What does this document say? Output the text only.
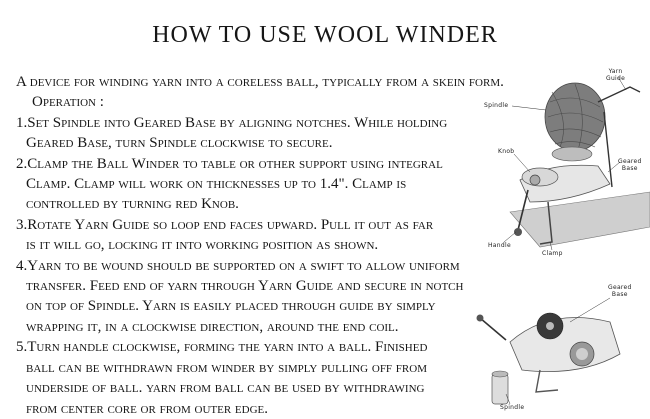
HOW TO USE WOOL WINDER
A device for winding yarn into a coreless ball, typically from a skein form.
Operation :
1.Set Spindle into Geared Base by aligning notches. While holding
Geared Base, turn Spindle clockwise to secure.
2.Clamp the Ball Winder to table or other support using integral
Clamp. Clamp will work on thicknesses up to 1.4". Clamp is
controlled by turning red Knob.
3.Rotate Yarn Guide so loop end faces upward. Pull it out as far
is it will go, locking it into working position as shown.
4.Yarn to be wound should be supported on a swift to allow uniform
transfer. Feed end of yarn through Yarn Guide and secure in notch
on top of Spindle. Yarn is easily placed through guide by simply
wrapping it, in a clockwise direction, around the end coil.
5.Turn handle clockwise, forming the yarn into a ball. Finished
ball can be withdrawn from winder by simply pulling off from
underside of ball. yarn from ball can be used by withdrawing
from center core or from outer edge.
Yarn
Guide
Spindle
Knob
Geared
Base
Handle
Clamp
Geared
Base
Spindle
